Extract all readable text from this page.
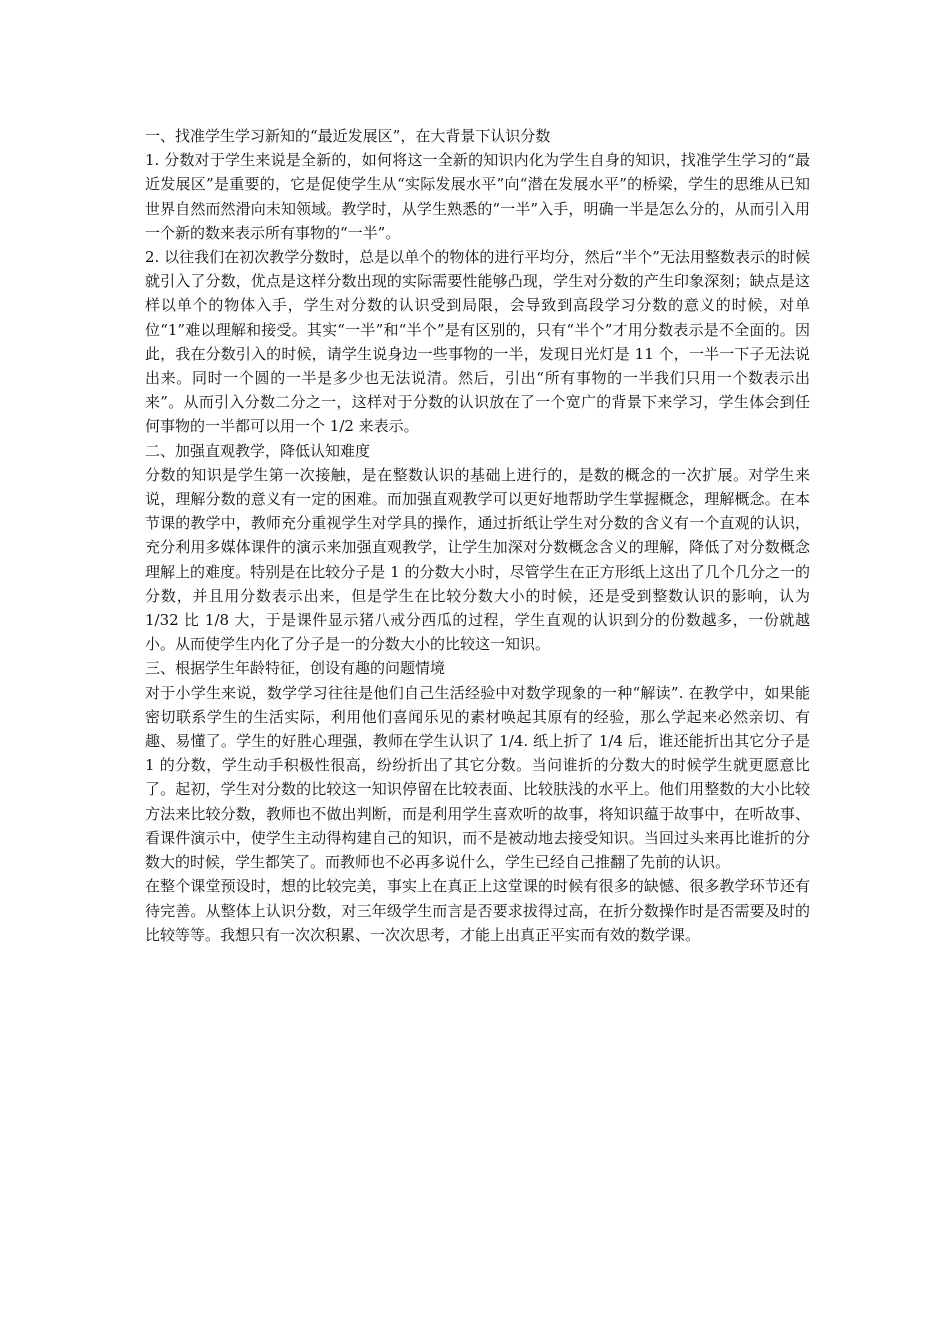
一、找准学生学习新知的“最近发展区”，在大背景下认识分数

1. 分数对于学生来说是全新的，如何将这一全新的知识内化为学生自身的知识，找准学生学习的“最近发展区”是重要的，它是促使学生从“实际发展水平”向“潜在发展水平”的桥梁，学生的思维从已知世界自然而然滑向未知领域。教学时，从学生熟悉的“一半”入手，明确一半是怎么分的，从而引入用一个新的数来表示所有事物的“一半”。

2. 以往我们在初次教学分数时，总是以单个的物体的进行平均分，然后“半个”无法用整数表示的时候就引入了分数，优点是这样分数出现的实际需要性能够凸现，学生对分数的产生印象深刻；缺点是这样以单个的物体入手，学生对分数的认识受到局限，会导致到高段学习分数的意义的时候，对单位“1”难以理解和接受。其实“一半”和“半个”是有区别的，只有“半个”才用分数表示是不全面的。因此，我在分数引入的时候，请学生说身边一些事物的一半，发现日光灯是 11 个，一半一下子无法说出来。同时一个圆的一半是多少也无法说清。然后，引出“所有事物的一半我们只用一个数表示出来”。从而引入分数二分之一，这样对于分数的认识放在了一个宽广的背景下来学习，学生体会到任何事物的一半都可以用一个 1/2 来表示。

二、加强直观教学，降低认知难度

分数的知识是学生第一次接触，是在整数认识的基础上进行的，是数的概念的一次扩展。对学生来说，理解分数的意义有一定的困难。而加强直观教学可以更好地帮助学生掌握概念，理解概念。在本节课的教学中，教师充分重视学生对学具的操作，通过折纸让学生对分数的含义有一个直观的认识，充分利用多媒体课件的演示来加强直观教学，让学生加深对分数概念含义的理解，降低了对分数概念理解上的难度。特别是在比较分子是 1 的分数大小时，尽管学生在正方形纸上这出了几个几分之一的分数，并且用分数表示出来，但是学生在比较分数大小的时候，还是受到整数认识的影响，认为 1/32 比 1/8 大，于是课件显示猪八戒分西瓜的过程，学生直观的认识到分的份数越多，一份就越小。从而使学生内化了分子是一的分数大小的比较这一知识。

三、根据学生年龄特征，创设有趣的问题情境

对于小学生来说，数学学习往往是他们自己生活经验中对数学现象的一种“解读”. 在教学中，如果能密切联系学生的生活实际，利用他们喜闻乐见的素材唤起其原有的经验，那么学起来必然亲切、有趣、易懂了。学生的好胜心理强，教师在学生认识了 1/4. 纸上折了 1/4 后，谁还能折出其它分子是 1 的分数，学生动手积极性很高，纷纷折出了其它分数。当问谁折的分数大的时候学生就更愿意比了。起初，学生对分数的比较这一知识停留在比较表面、比较肤浅的水平上。他们用整数的大小比较方法来比较分数，教师也不做出判断，而是利用学生喜欢听的故事，将知识蕴于故事中，在听故事、看课件演示中，使学生主动得构建自己的知识，而不是被动地去接受知识。当回过头来再比谁折的分数大的时候，学生都笑了。而教师也不必再多说什么，学生已经自己推翻了先前的认识。

在整个课堂预设时，想的比较完美，事实上在真正上这堂课的时候有很多的缺憾、很多教学环节还有待完善。从整体上认识分数，对三年级学生而言是否要求拔得过高，在折分数操作时是否需要及时的比较等等。我想只有一次次积累、一次次思考，才能上出真正平实而有效的数学课。
